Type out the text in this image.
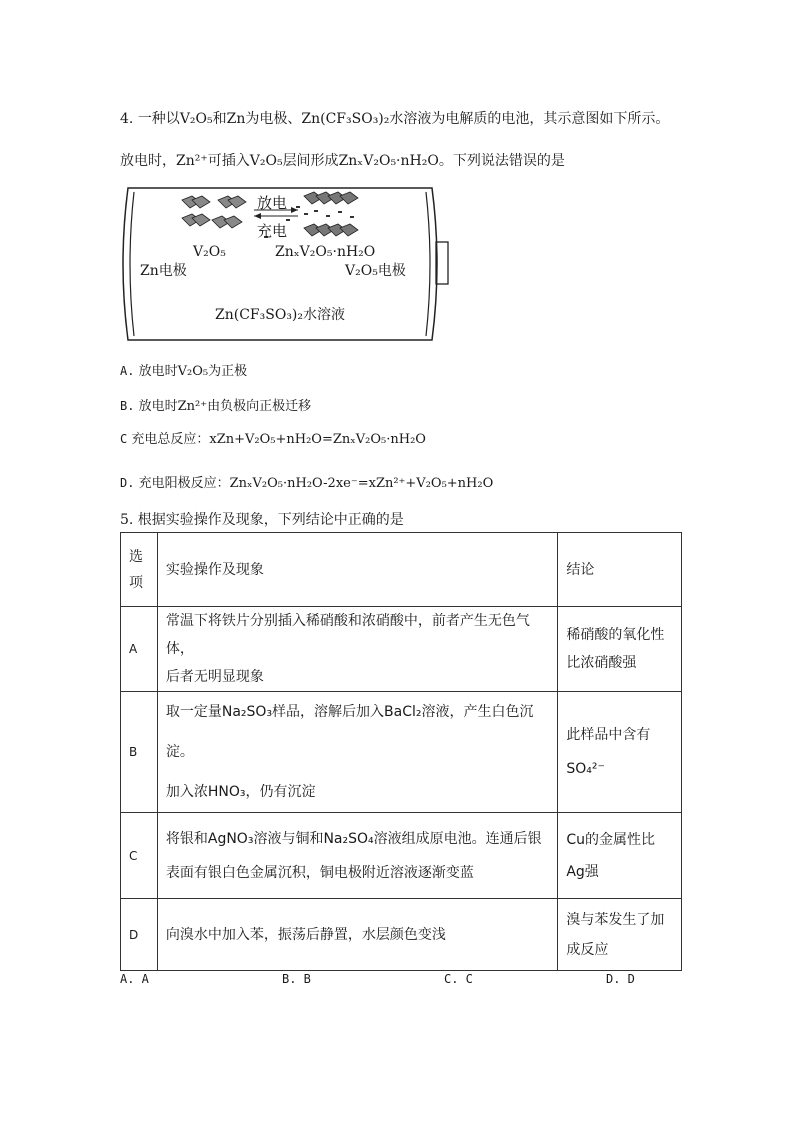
4. 一种以V₂O₅和Zn为电极、Zn(CF₃SO₃)₂水溶液为电解质的电池，其示意图如下所示。
放电时，Zn²⁺可插入V₂O₅层间形成ZnₓV₂O₅·nH₂O。下列说法错误的是
放电
充电
V₂O₅	ZnₓV₂O₅·nH₂O
Zn电极	V₂O₅电极
Zn(CF₃SO₃)₂水溶液
A. 放电时V₂O₅为正极
B. 放电时Zn²⁺由负极向正极迁移
C 充电总反应：xZn+V₂O₅+nH₂O=ZnₓV₂O₅·nH₂O
D. 充电阳极反应：ZnₓV₂O₅·nH₂O-2xe⁻=xZn²⁺+V₂O₅+nH₂O
5. 根据实验操作及现象，下列结论中正确的是
选
项	实验操作及现象	结论
A	常温下将铁片分别插入稀硝酸和浓硝酸中，前者产生无色气体，
后者无明显现象	稀硝酸的氧化性
比浓硝酸强
B	取一定量Na₂SO₃样品，溶解后加入BaCl₂溶液，产生白色沉淀。
加入浓HNO₃，仍有沉淀	此样品中含有
SO₄²⁻
C	将银和AgNO₃溶液与铜和Na₂SO₄溶液组成原电池。连通后银
表面有银白色金属沉积，铜电极附近溶液逐渐变蓝	Cu的金属性比
Ag强
D	向溴水中加入苯，振荡后静置，水层颜色变浅	溴与苯发生了加
成反应
A. A	B. B	C. C	D. D
